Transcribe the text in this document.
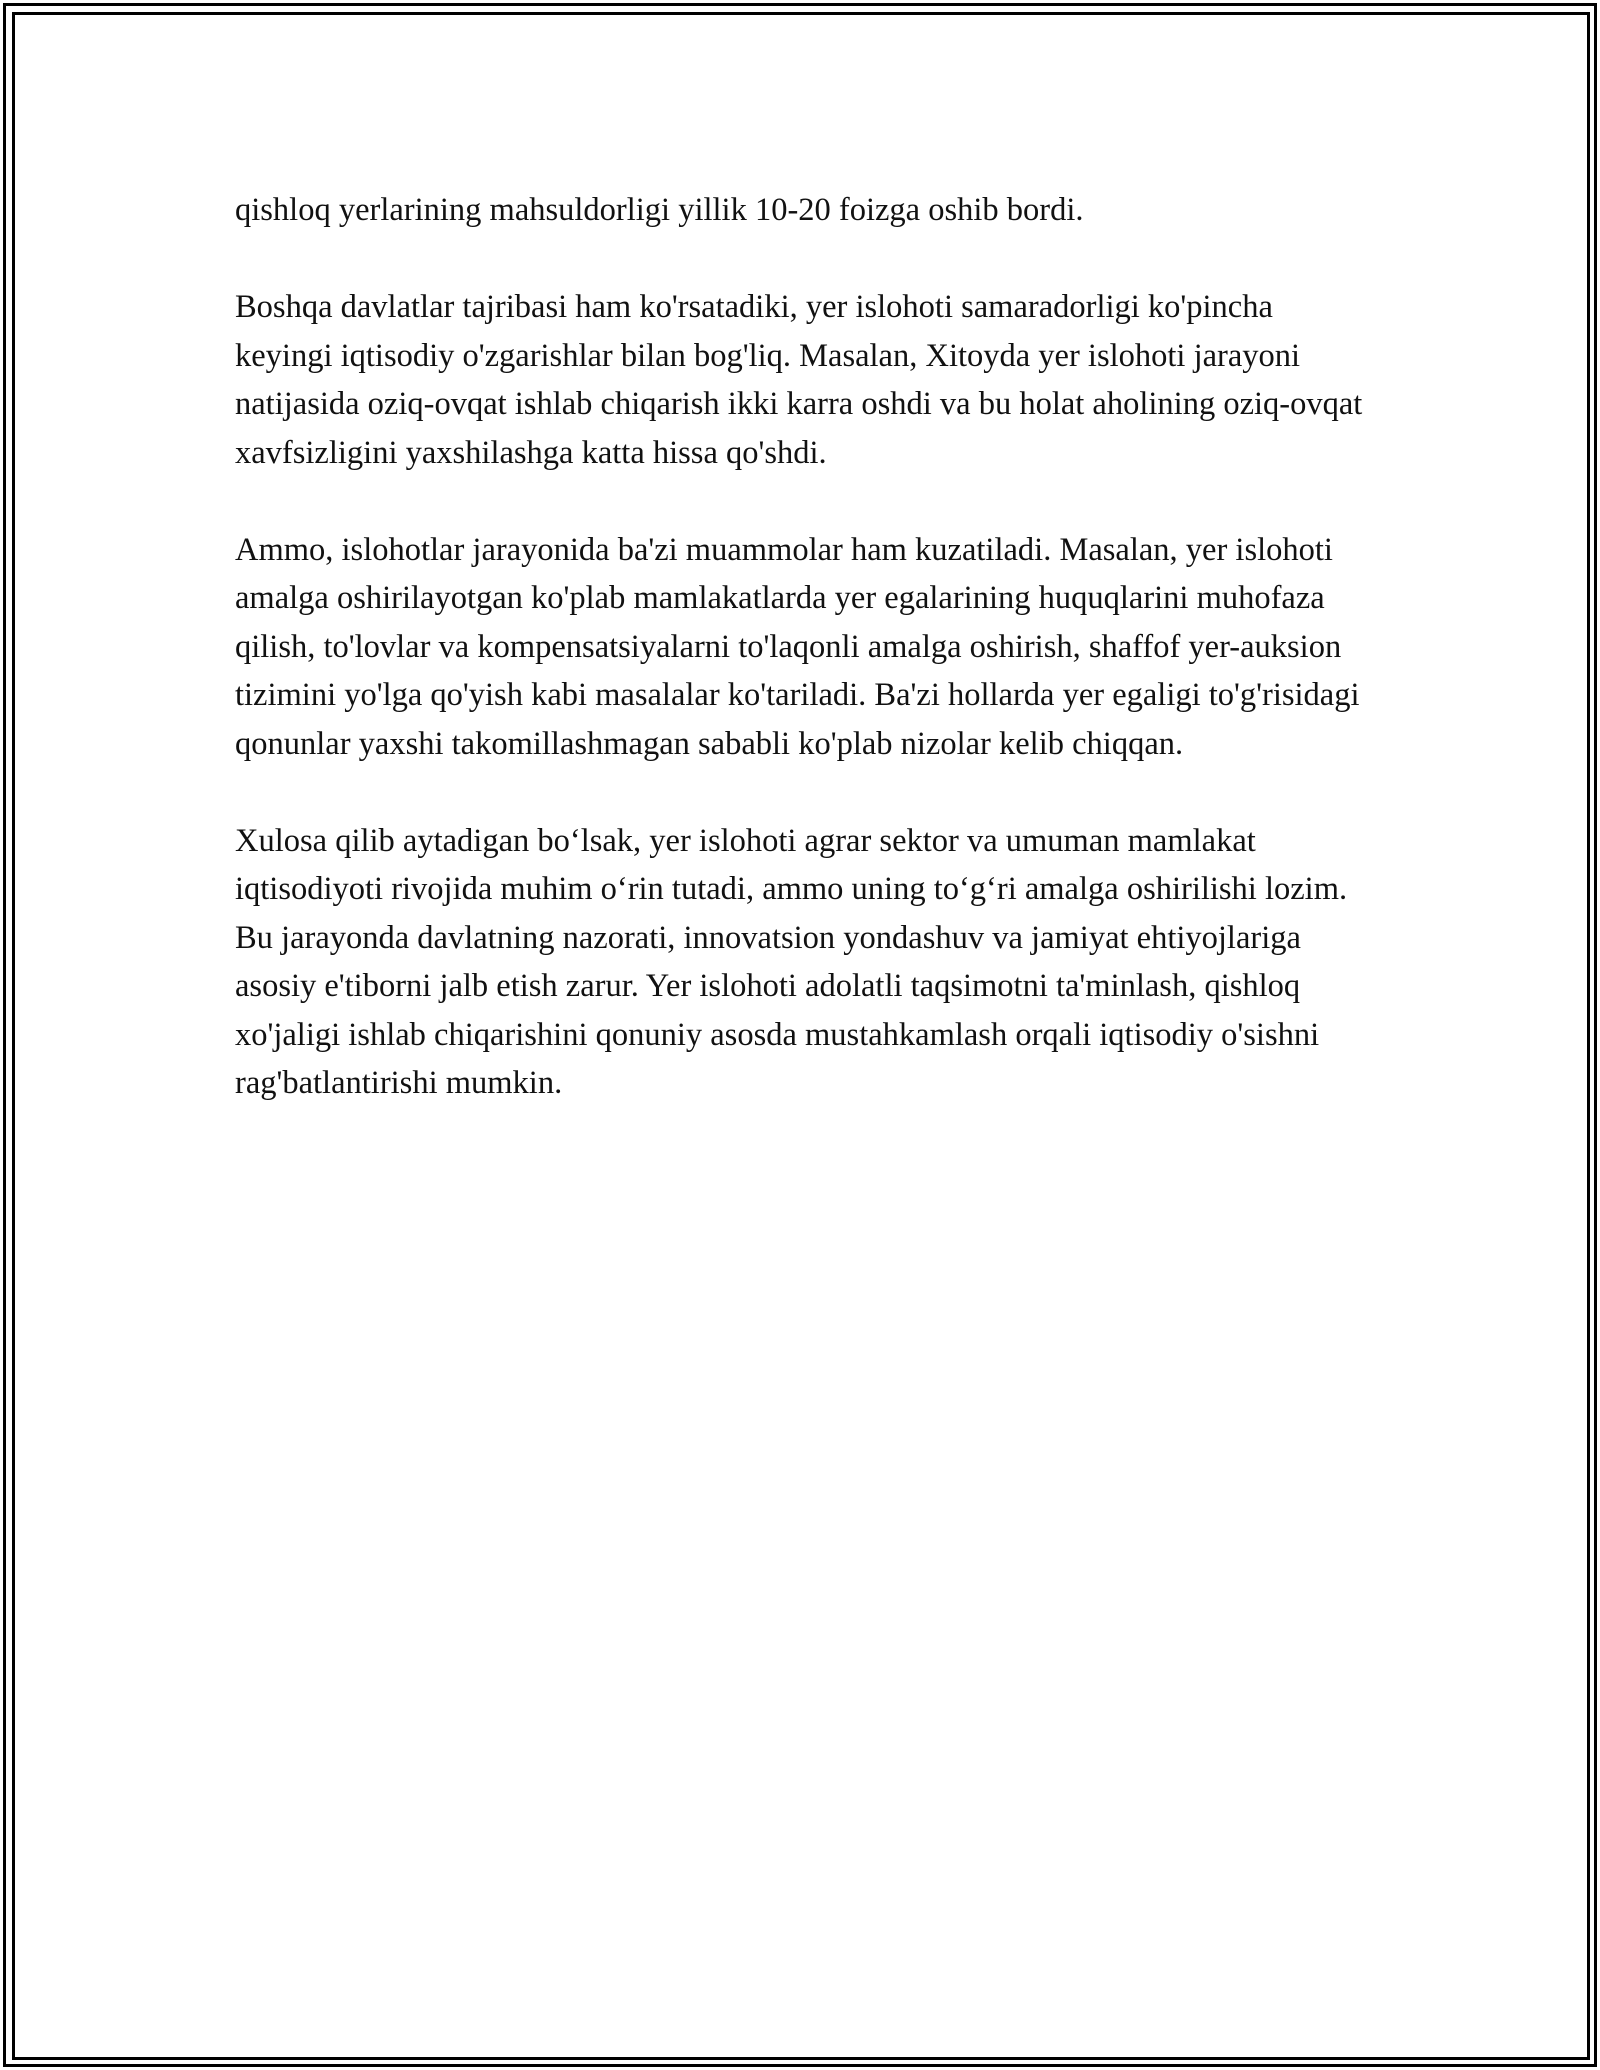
qishloq yerlarining mahsuldorligi yillik 10-20 foizga oshib bordi.

Boshqa davlatlar tajribasi ham ko'rsatadiki, yer islohoti samaradorligi ko'pincha keyingi iqtisodiy o'zgarishlar bilan bog'liq. Masalan, Xitoyda yer islohoti jarayoni natijasida oziq-ovqat ishlab chiqarish ikki karra oshdi va bu holat aholining oziq-ovqat xavfsizligini yaxshilashga katta hissa qo'shdi.

Ammo, islohotlar jarayonida ba'zi muammolar ham kuzatiladi. Masalan, yer islohoti amalga oshirilayotgan ko'plab mamlakatlarda yer egalarining huquqlarini muhofaza qilish, to'lovlar va kompensatsiyalarni to'laqonli amalga oshirish, shaffof yer-auksion tizimini yo'lga qo'yish kabi masalalar ko'tariladi. Ba'zi hollarda yer egaligi to'g'risidagi qonunlar yaxshi takomillashmagan sababli ko'plab nizolar kelib chiqqan.

Xulosa qilib aytadigan bo‘lsak, yer islohoti agrar sektor va umuman mamlakat iqtisodiyoti rivojida muhim o‘rin tutadi, ammo uning to‘g‘ri amalga oshirilishi lozim. Bu jarayonda davlatning nazorati, innovatsion yondashuv va jamiyat ehtiyojlariga asosiy e'tiborni jalb etish zarur. Yer islohoti adolatli taqsimotni ta'minlash, qishloq xo'jaligi ishlab chiqarishini qonuniy asosda mustahkamlash orqali iqtisodiy o'sishni rag'batlantirishi mumkin.
